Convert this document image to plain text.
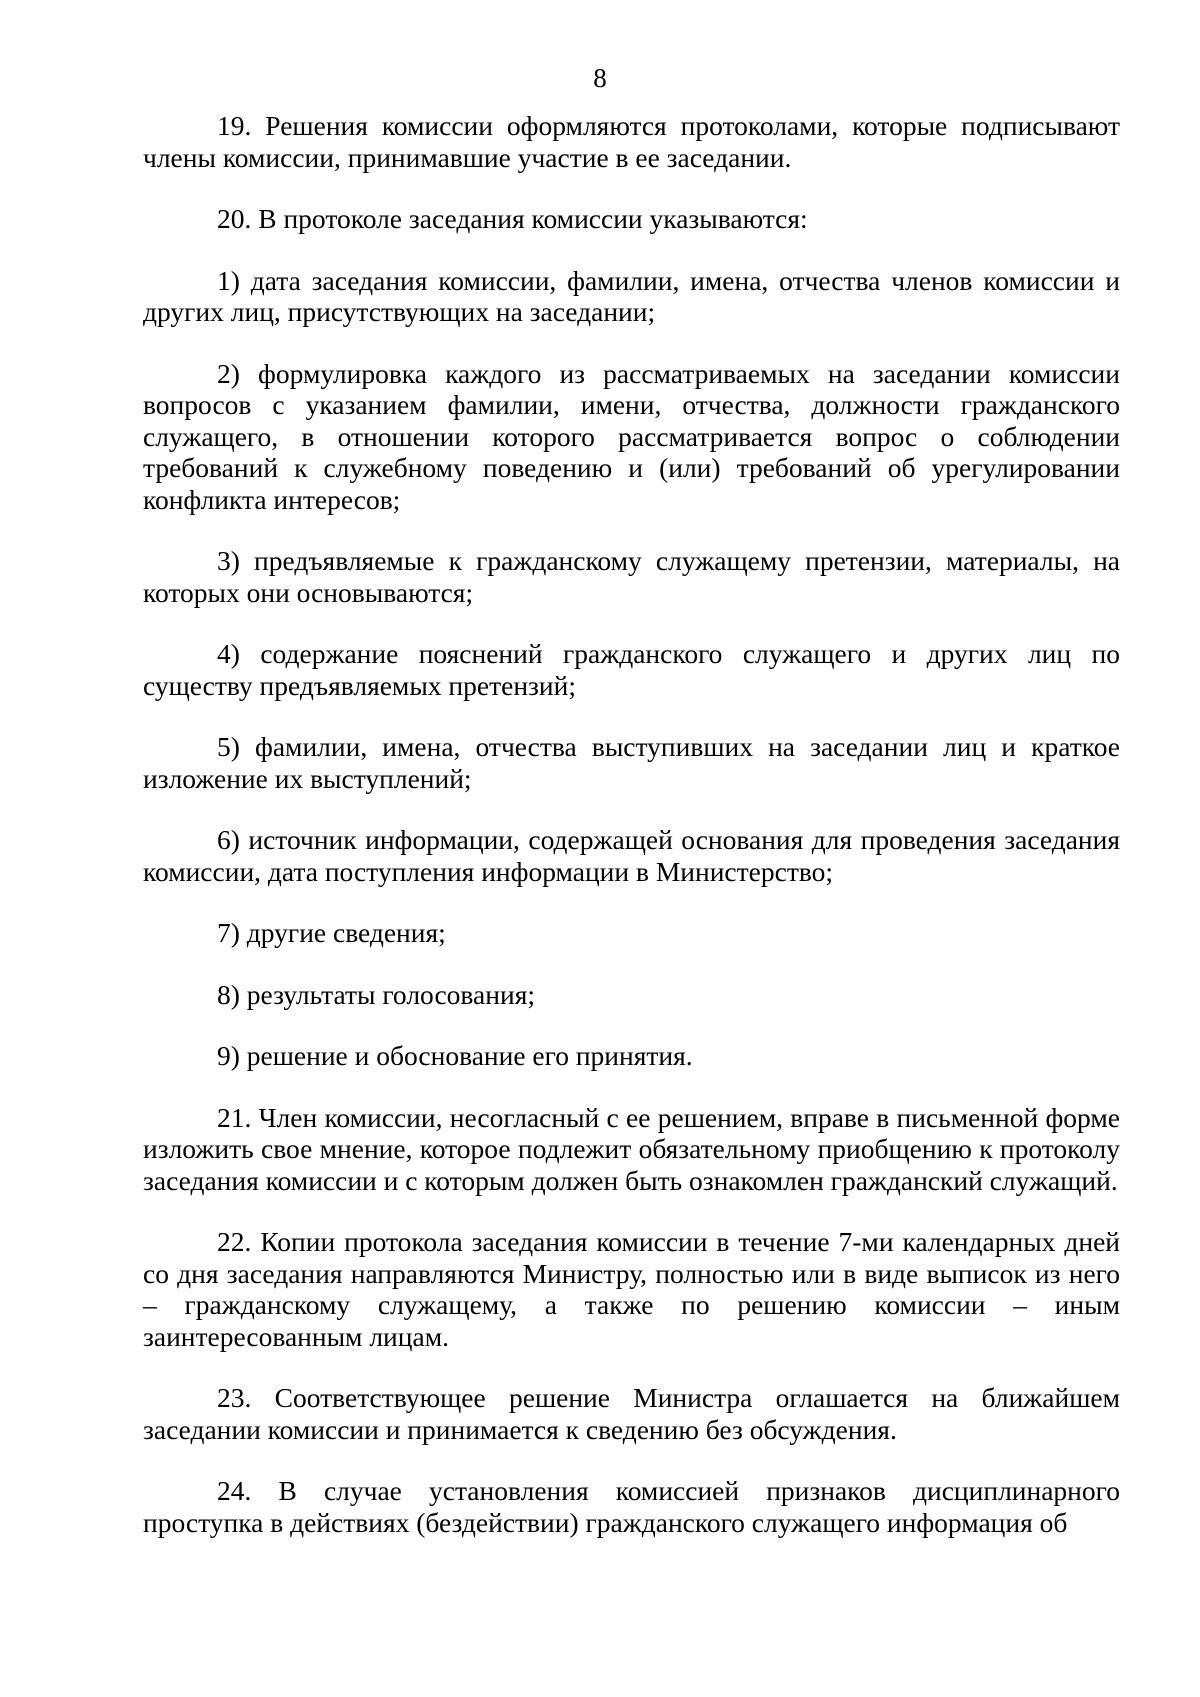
8

19. Решения комиссии оформляются протоколами, которые подписывают члены комиссии, принимавшие участие в ее заседании.

20. В протоколе заседания комиссии указываются:

1) дата заседания комиссии, фамилии, имена, отчества членов комиссии и других лиц, присутствующих на заседании;

2) формулировка каждого из рассматриваемых на заседании комиссии вопросов с указанием фамилии, имени, отчества, должности гражданского служащего, в отношении которого рассматривается вопрос о соблюдении требований к служебному поведению и (или) требований об урегулировании конфликта интересов;

3) предъявляемые к гражданскому служащему претензии, материалы, на которых они основываются;

4) содержание пояснений гражданского служащего и других лиц по существу предъявляемых претензий;

5) фамилии, имена, отчества выступивших на заседании лиц и краткое изложение их выступлений;

6) источник информации, содержащей основания для проведения заседания комиссии, дата поступления информации в Министерство;

7) другие сведения;

8) результаты голосования;

9) решение и обоснование его принятия.

21. Член комиссии, несогласный с ее решением, вправе в письменной форме изложить свое мнение, которое подлежит обязательному приобщению к протоколу заседания комиссии и с которым должен быть ознакомлен гражданский служащий.

22. Копии протокола заседания комиссии в течение 7-ми календарных дней со дня заседания направляются Министру, полностью или в виде выписок из него – гражданскому служащему, а также по решению комиссии – иным заинтересованным лицам.

23. Соответствующее решение Министра оглашается на ближайшем заседании комиссии и принимается к сведению без обсуждения.

24. В случае установления комиссией признаков дисциплинарного проступка в действиях (бездействии) гражданского служащего информация об
